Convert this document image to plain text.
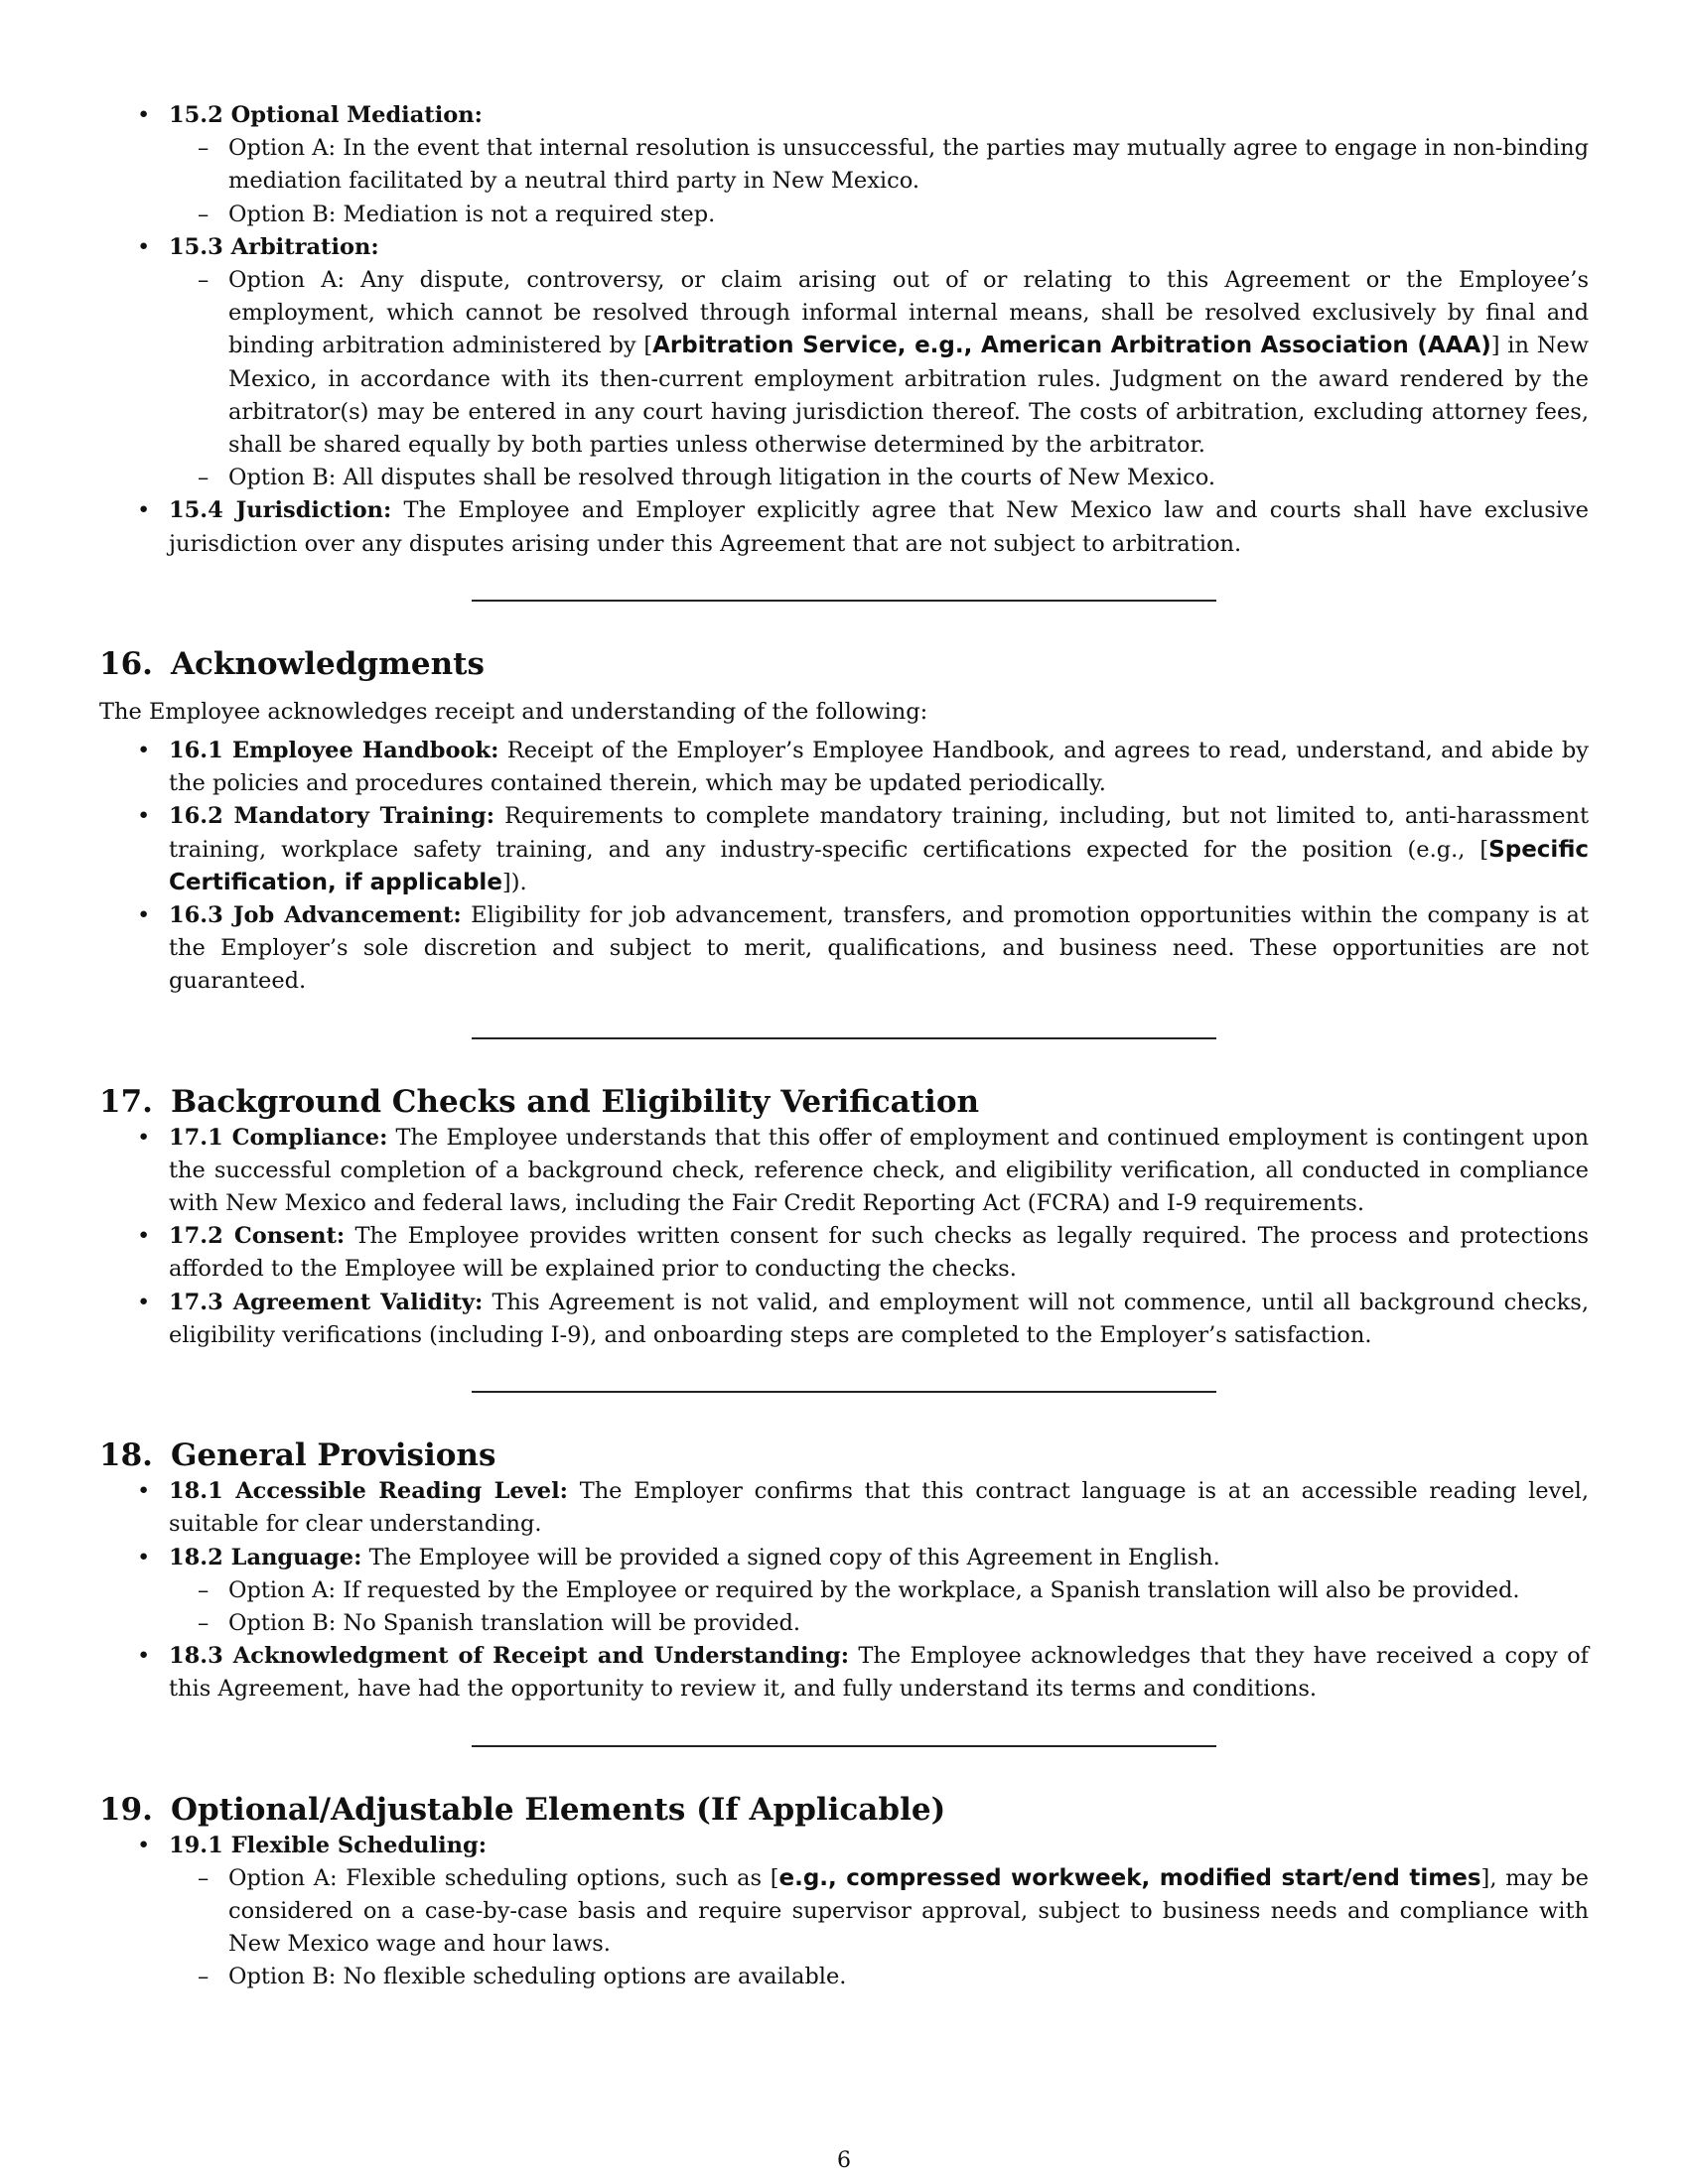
• 15.2 Optional Mediation:
– Option A: In the event that internal resolution is unsuccessful, the parties may mutually agree to engage in non-binding mediation facilitated by a neutral third party in New Mexico.
– Option B: Mediation is not a required step.
• 15.3 Arbitration:
– Option A: Any dispute, controversy, or claim arising out of or relating to this Agreement or the Employee’s employment, which cannot be resolved through informal internal means, shall be resolved exclusively by final and binding arbitration administered by [Arbitration Service, e.g., American Arbitration Association (AAA)] in New Mexico, in accordance with its then-current employment arbitration rules. Judgment on the award rendered by the arbitrator(s) may be entered in any court having jurisdiction thereof. The costs of arbitration, excluding attorney fees, shall be shared equally by both parties unless otherwise determined by the arbitrator.
– Option B: All disputes shall be resolved through litigation in the courts of New Mexico.
• 15.4 Jurisdiction: The Employee and Employer explicitly agree that New Mexico law and courts shall have exclusive jurisdiction over any disputes arising under this Agreement that are not subject to arbitration.
16. Acknowledgments

The Employee acknowledges receipt and understanding of the following:

• 16.1 Employee Handbook: Receipt of the Employer’s Employee Handbook, and agrees to read, understand, and abide by the policies and procedures contained therein, which may be updated periodically.
• 16.2 Mandatory Training: Requirements to complete mandatory training, including, but not limited to, anti-harassment training, workplace safety training, and any industry-specific certifications expected for the position (e.g., [Specific Certification, if applicable]).
• 16.3 Job Advancement: Eligibility for job advancement, transfers, and promotion opportunities within the company is at the Employer’s sole discretion and subject to merit, qualifications, and business need. These opportunities are not guaranteed.
17. Background Checks and Eligibility Verification
• 17.1 Compliance: The Employee understands that this offer of employment and continued employment is contingent upon the successful completion of a background check, reference check, and eligibility verification, all conducted in compliance with New Mexico and federal laws, including the Fair Credit Reporting Act (FCRA) and I-9 requirements.
• 17.2 Consent: The Employee provides written consent for such checks as legally required. The process and protections afforded to the Employee will be explained prior to conducting the checks.
• 17.3 Agreement Validity: This Agreement is not valid, and employment will not commence, until all background checks, eligibility verifications (including I-9), and onboarding steps are completed to the Employer’s satisfaction.
18. General Provisions
• 18.1 Accessible Reading Level: The Employer confirms that this contract language is at an accessible reading level, suitable for clear understanding.
• 18.2 Language: The Employee will be provided a signed copy of this Agreement in English.
– Option A: If requested by the Employee or required by the workplace, a Spanish translation will also be provided.
– Option B: No Spanish translation will be provided.
• 18.3 Acknowledgment of Receipt and Understanding: The Employee acknowledges that they have received a copy of this Agreement, have had the opportunity to review it, and fully understand its terms and conditions.
19. Optional/Adjustable Elements (If Applicable)
• 19.1 Flexible Scheduling:
– Option A: Flexible scheduling options, such as [e.g., compressed workweek, modified start/end times], may be considered on a case-by-case basis and require supervisor approval, subject to business needs and compliance with New Mexico wage and hour laws.
– Option B: No flexible scheduling options are available.
6
